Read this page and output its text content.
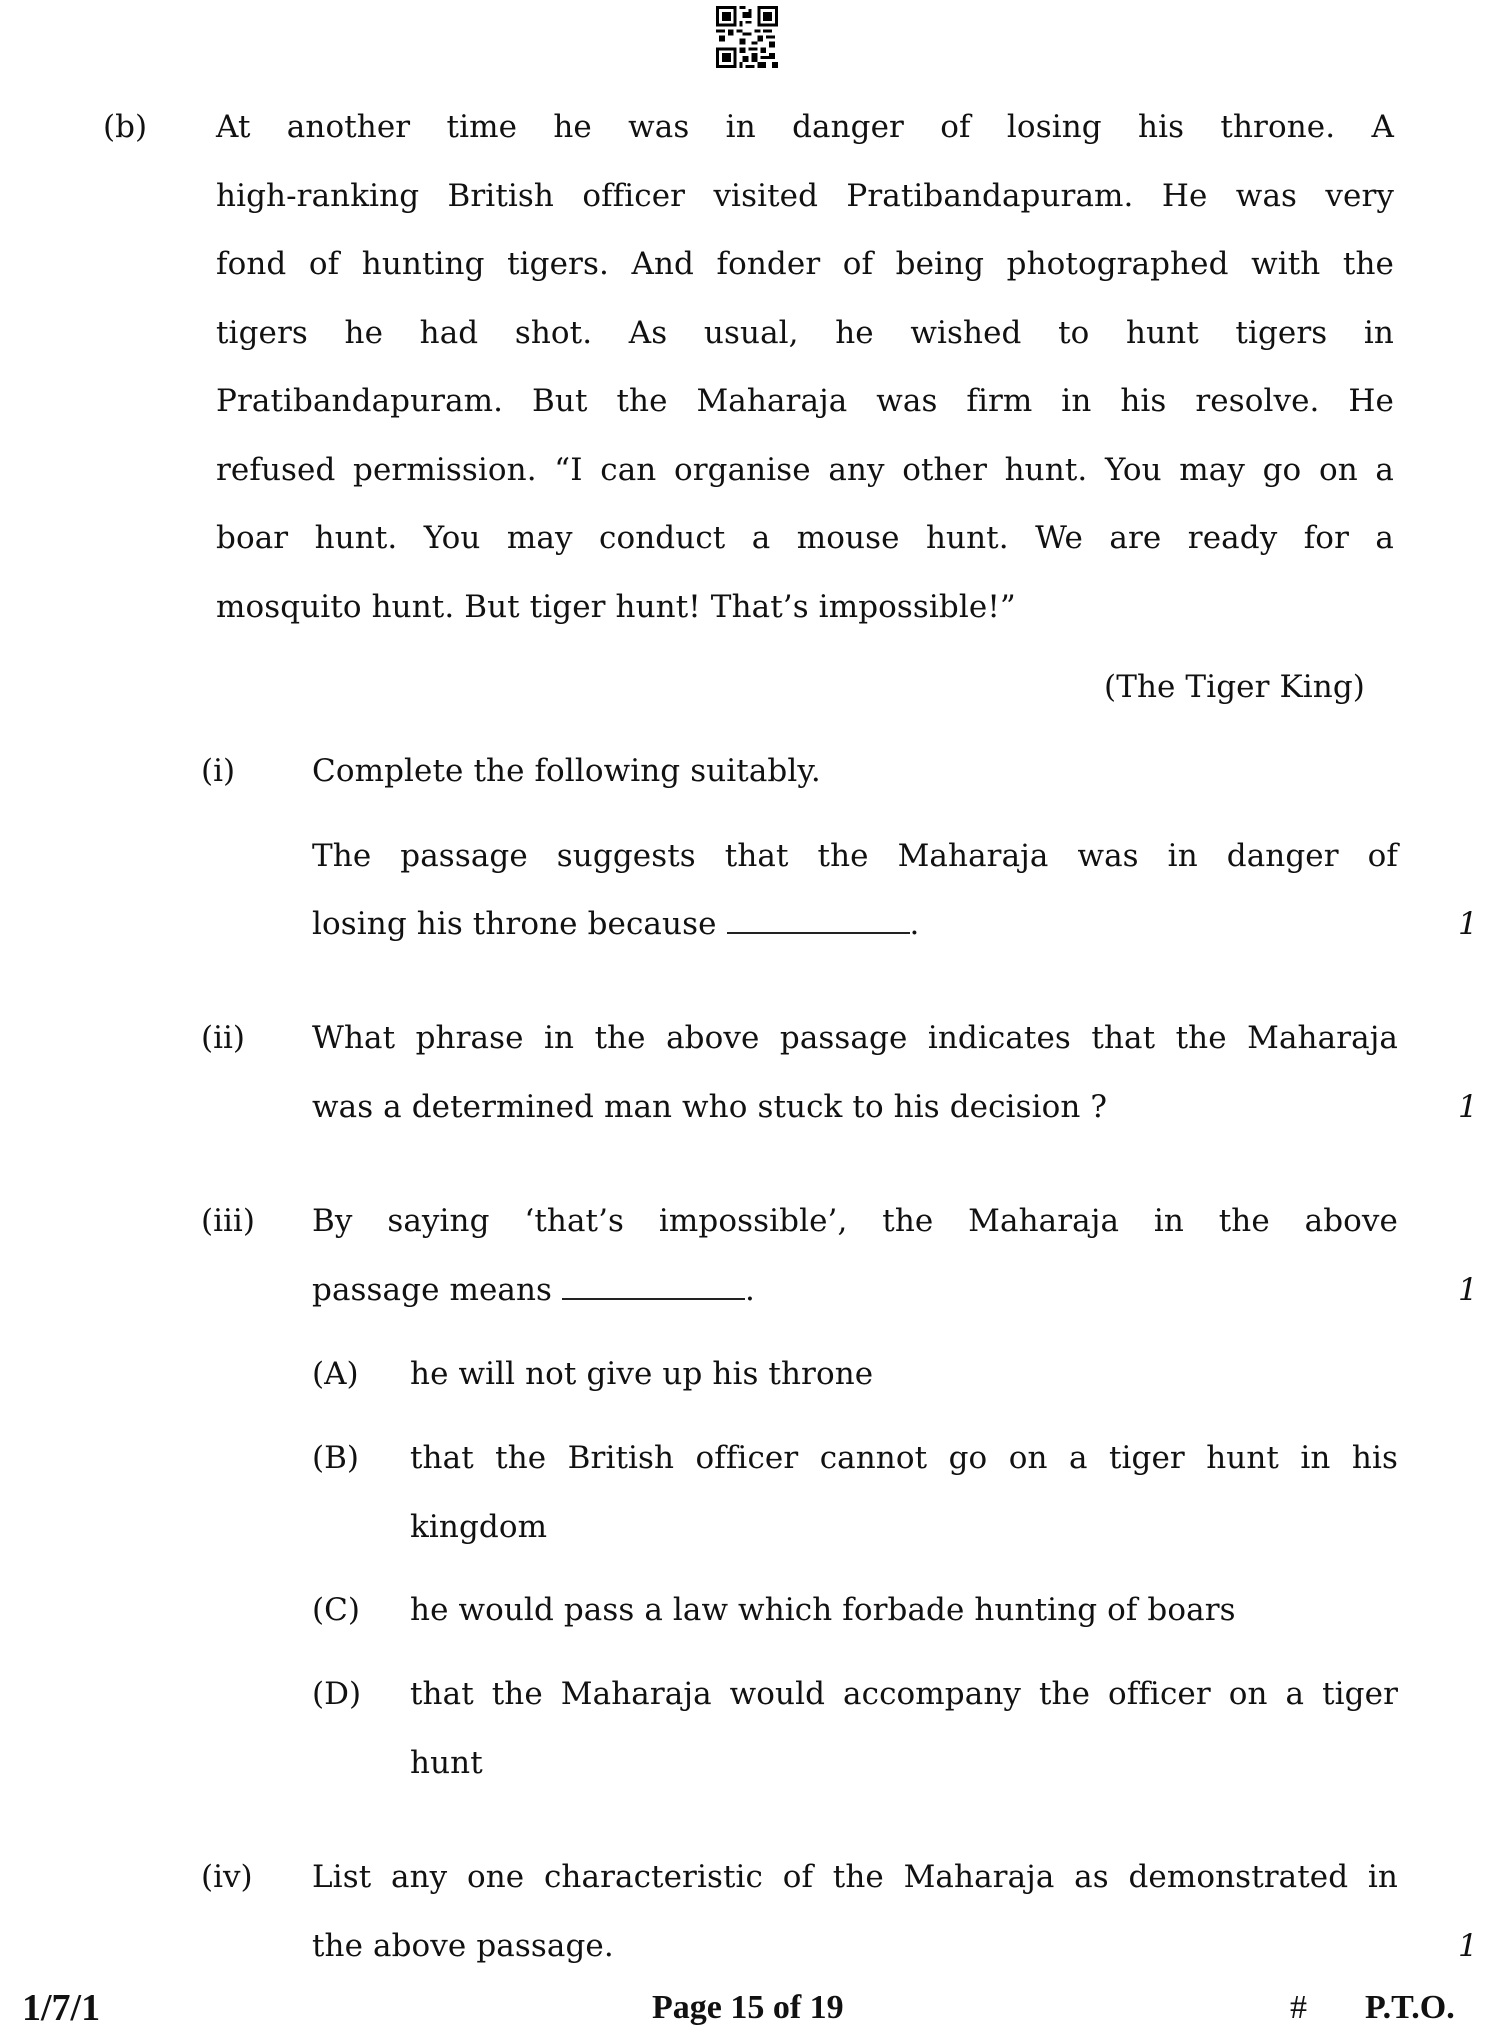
(b) At another time he was in danger of losing his throne. A
high-ranking British officer visited Pratibandapuram. He was very
fond of hunting tigers. And fonder of being photographed with the
tigers he had shot. As usual, he wished to hunt tigers in
Pratibandapuram. But the Maharaja was firm in his resolve. He
refused permission. “I can organise any other hunt. You may go on a
boar hunt. You may conduct a mouse hunt. We are ready for a
mosquito hunt. But tiger hunt! That’s impossible!”
(The Tiger King)
(i) Complete the following suitably.
The passage suggests that the Maharaja was in danger of
losing his throne because	.	1
(ii) What phrase in the above passage indicates that the Maharaja
was a determined man who stuck to his decision ?	1
(iii) By saying ‘that’s impossible’, the Maharaja in the above
passage means	.	1
(A) he will not give up his throne
(B) that the British officer cannot go on a tiger hunt in his
kingdom
(C) he would pass a law which forbade hunting of boars
(D) that the Maharaja would accompany the officer on a tiger
hunt
(iv) List any one characteristic of the Maharaja as demonstrated in
the above passage.	1
1/7/1	Page 15 of 19	# P.T.O.
